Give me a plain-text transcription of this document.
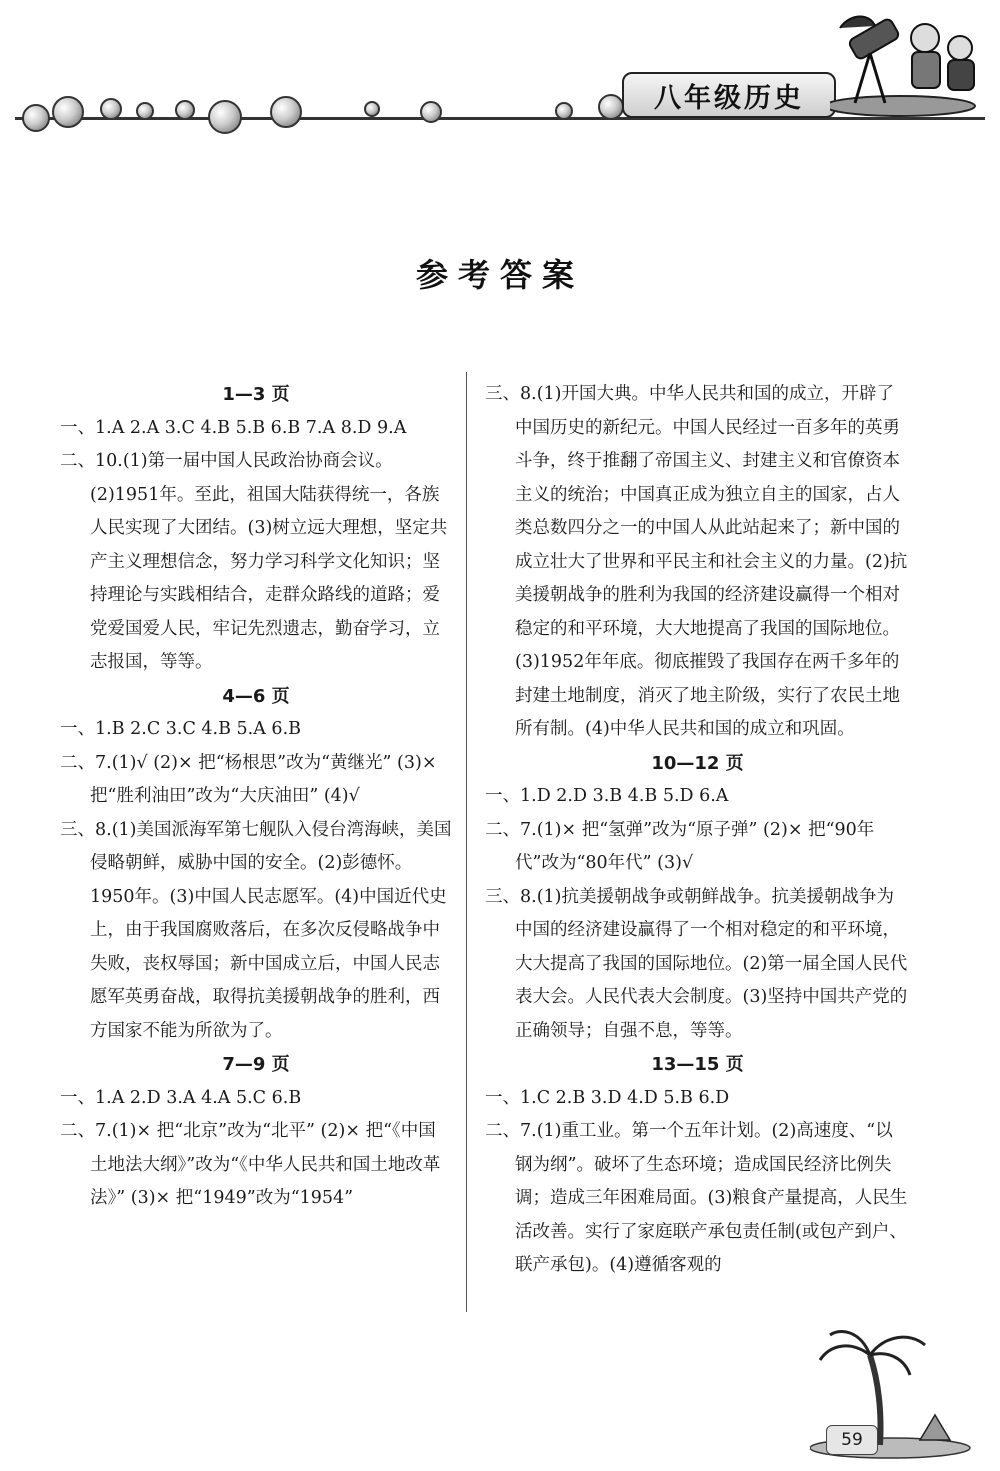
八年级历史
参考答案

1—3 页

一、1.A 2.A 3.C 4.B 5.B 6.B 7.A 8.D 9.A

二、10.(1)第一届中国人民政治协商会议。(2)1951年。至此，祖国大陆获得统一，各族人民实现了大团结。(3)树立远大理想，坚定共产主义理想信念，努力学习科学文化知识；坚持理论与实践相结合，走群众路线的道路；爱党爱国爱人民，牢记先烈遗志，勤奋学习，立志报国，等等。

4—6 页

一、1.B 2.C 3.C 4.B 5.A 6.B

二、7.(1)√ (2)× 把“杨根思”改为“黄继光” (3)× 把“胜利油田”改为“大庆油田” (4)√

三、8.(1)美国派海军第七舰队入侵台湾海峡，美国侵略朝鲜，威胁中国的安全。(2)彭德怀。1950年。(3)中国人民志愿军。(4)中国近代史上，由于我国腐败落后，在多次反侵略战争中失败，丧权辱国；新中国成立后，中国人民志愿军英勇奋战，取得抗美援朝战争的胜利，西方国家不能为所欲为了。

7—9 页

一、1.A 2.D 3.A 4.A 5.C 6.B

二、7.(1)× 把“北京”改为“北平” (2)× 把“《中国土地法大纲》”改为“《中华人民共和国土地改革法》” (3)× 把“1949”改为“1954”

三、8.(1)开国大典。中华人民共和国的成立，开辟了中国历史的新纪元。中国人民经过一百多年的英勇斗争，终于推翻了帝国主义、封建主义和官僚资本主义的统治；中国真正成为独立自主的国家，占人类总数四分之一的中国人从此站起来了；新中国的成立壮大了世界和平民主和社会主义的力量。(2)抗美援朝战争的胜利为我国的经济建设赢得一个相对稳定的和平环境，大大地提高了我国的国际地位。(3)1952年年底。彻底摧毁了我国存在两千多年的封建土地制度，消灭了地主阶级，实行了农民土地所有制。(4)中华人民共和国的成立和巩固。

10—12 页

一、1.D 2.D 3.B 4.B 5.D 6.A

二、7.(1)× 把“氢弹”改为“原子弹” (2)× 把“90年代”改为“80年代” (3)√

三、8.(1)抗美援朝战争或朝鲜战争。抗美援朝战争为中国的经济建设赢得了一个相对稳定的和平环境，大大提高了我国的国际地位。(2)第一届全国人民代表大会。人民代表大会制度。(3)坚持中国共产党的正确领导；自强不息，等等。

13—15 页

一、1.C 2.B 3.D 4.D 5.B 6.D

二、7.(1)重工业。第一个五年计划。(2)高速度、“以钢为纲”。破坏了生态环境；造成国民经济比例失调；造成三年困难局面。(3)粮食产量提高，人民生活改善。实行了家庭联产承包责任制(或包产到户、联产承包)。(4)遵循客观的

59
